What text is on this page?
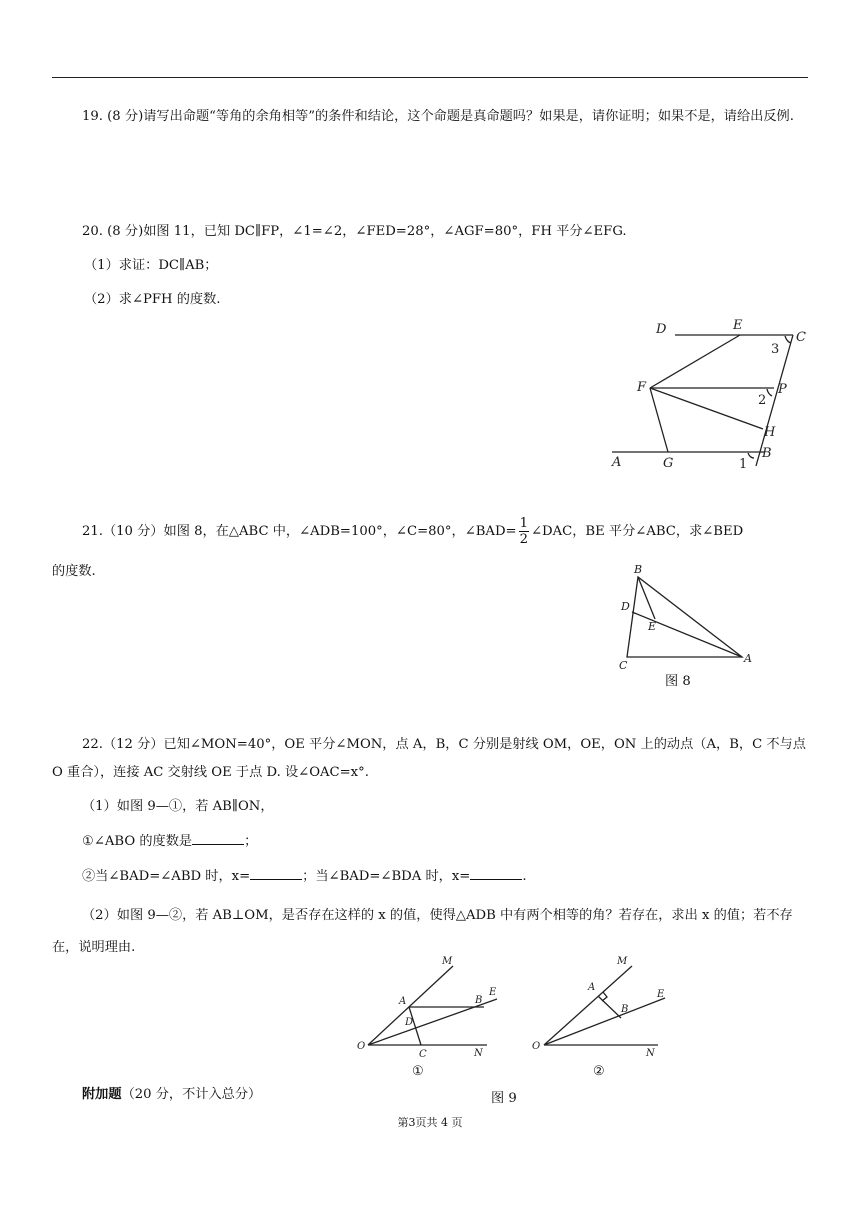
19. (8 分)请写出命题“等角的余角相等”的条件和结论，这个命题是真命题吗？如果是，请你证明；如果不是，请给出反例.
20. (8 分)如图 11，已知 DC∥FP，∠1=∠2，∠FED=28°，∠AGF=80°，FH 平分∠EFG.
（1）求证：DC∥AB；
（2）求∠PFH 的度数.
D	E
C
3
F	P
2
H
A	G	1
B
21.（10 分）如图 8，在△ABC 中，∠ADB=100°，∠C=80°，∠BAD= $\frac{1}{2}$ ∠DAC，BE 平分∠ABC，求∠BED
的度数.	B
D
E
C
A
图 8
22.（12 分）已知∠MON=40°，OE 平分∠MON，点 A，B，C 分别是射线 OM，OE，ON 上的动点（A，B，C 不与点 O 重合），连接 AC 交射线 OE 于点 D. 设∠OAC=x°.
（1）如图 9—①，若 AB∥ON，
①∠ABO 的度数是	；
②当∠BAD=∠ABD 时，x=	；当∠BAD=∠BDA 时，x=	.
（2）如图 9—②，若 AB⊥OM，是否存在这样的 x 的值，使得△ADB 中有两个相等的角？若存在，求出 x 的值；若不存在，说明理由.
M
A	B
E
D
O
C	N
M
A
B
E
O
N
①	②
图 9
附加题（20 分，不计入总分）
第3页共 4 页
